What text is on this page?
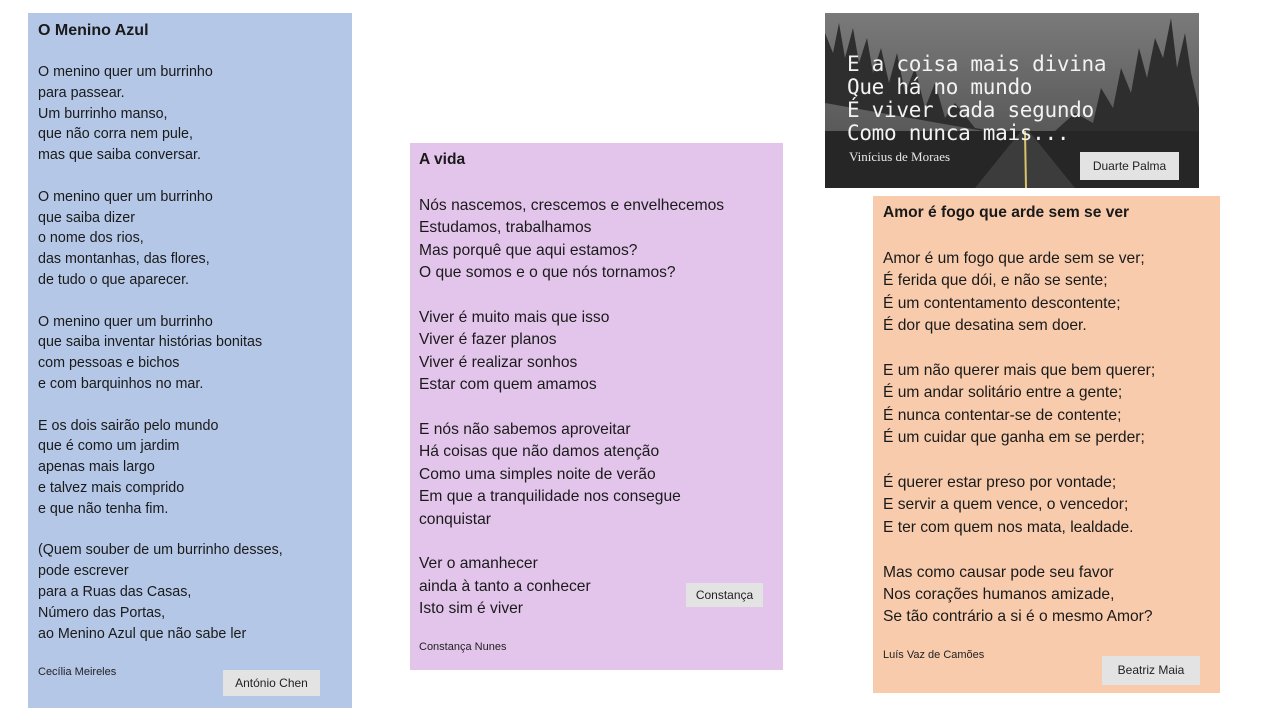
O Menino Azul

O menino quer um burrinho
para passear.
Um burrinho manso,
que não corra nem pule,
mas que saiba conversar.

O menino quer um burrinho
que saiba dizer
o nome dos rios,
das montanhas, das flores,
de tudo o que aparecer.

O menino quer um burrinho
que saiba inventar histórias bonitas
com pessoas e bichos
e com barquinhos no mar.

E os dois sairão pelo mundo
que é como um jardim
apenas mais largo
e talvez mais comprido
e que não tenha fim.

(Quem souber de um burrinho desses,
pode escrever
para a Ruas das Casas,
Número das Portas,
ao Menino Azul que não sabe ler

Cecília Meireles
António Chen

A vida

Nós nascemos, crescemos e envelhecemos
Estudamos, trabalhamos
Mas porquê que aqui estamos?
O que somos e o que nós tornamos?

Viver é muito mais que isso
Viver é fazer planos
Viver é realizar sonhos
Estar com quem amamos

E nós não sabemos aproveitar
Há coisas que não damos atenção
Como uma simples noite de verão
Em que a tranquilidade nos consegue
conquistar

Ver o amanhecer
ainda à tanto a conhecer
Isto sim é viver

Constança Nunes
Constança
E a coisa mais divina
Que há no mundo
É viver cada segundo
Como nunca mais...
Vinícius de Moraes
Duarte Palma

Amor é fogo que arde sem se ver

Amor é um fogo que arde sem se ver;
É ferida que dói, e não se sente;
É um contentamento descontente;
É dor que desatina sem doer.

E um não querer mais que bem querer;
É um andar solitário entre a gente;
É nunca contentar-se de contente;
É um cuidar que ganha em se perder;

É querer estar preso por vontade;
E servir a quem vence, o vencedor;
E ter com quem nos mata, lealdade.

Mas como causar pode seu favor
Nos corações humanos amizade,
Se tão contrário a si é o mesmo Amor?

Luís Vaz de Camões
Beatriz Maia
